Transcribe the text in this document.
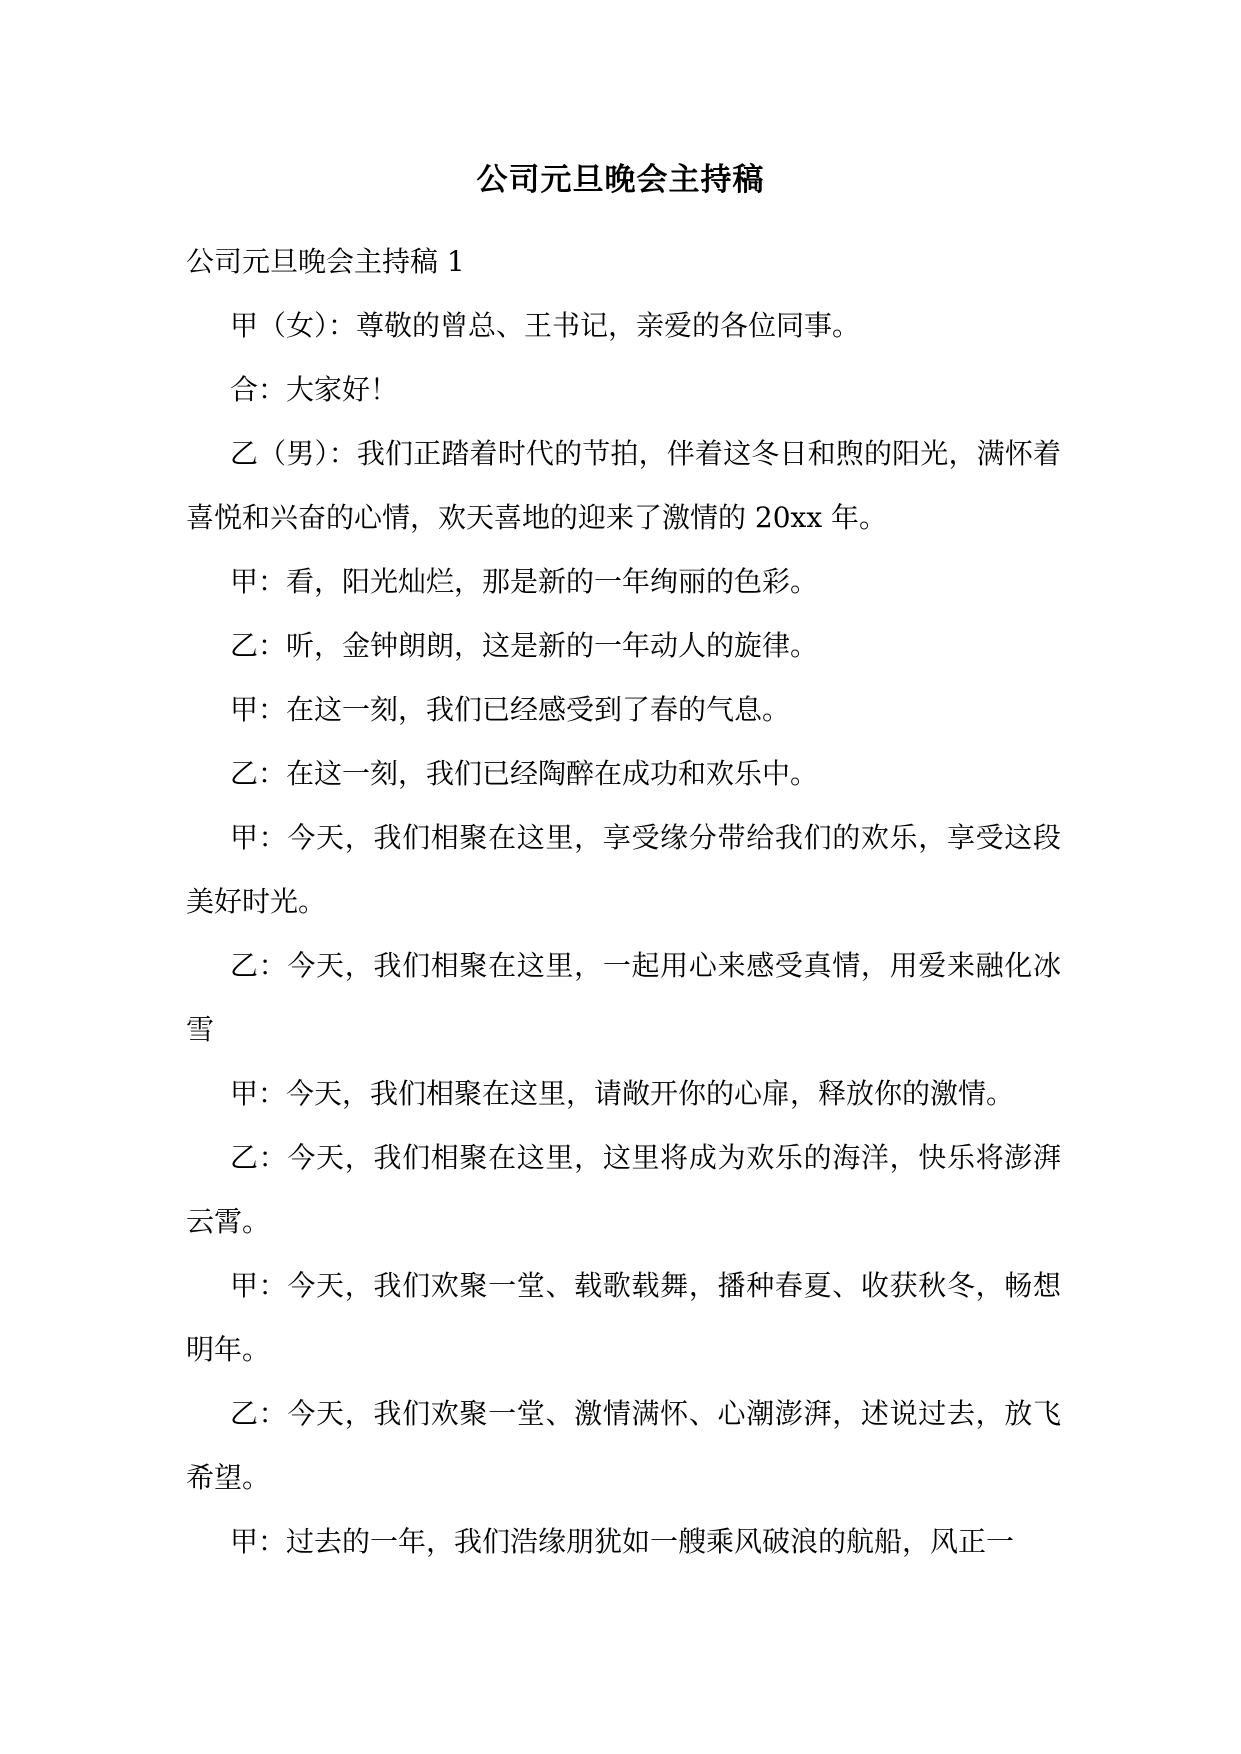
公司元旦晚会主持稿

公司元旦晚会主持稿 1

甲（女）：尊敬的曾总、王书记，亲爱的各位同事。

合：大家好！

乙（男）：我们正踏着时代的节拍，伴着这冬日和煦的阳光，满怀着喜悦和兴奋的心情，欢天喜地的迎来了激情的 20xx 年。

甲：看，阳光灿烂，那是新的一年绚丽的色彩。

乙：听，金钟朗朗，这是新的一年动人的旋律。

甲：在这一刻，我们已经感受到了春的气息。

乙：在这一刻，我们已经陶醉在成功和欢乐中。

甲：今天，我们相聚在这里，享受缘分带给我们的欢乐，享受这段美好时光。

乙：今天，我们相聚在这里，一起用心来感受真情，用爱来融化冰雪

甲：今天，我们相聚在这里，请敞开你的心扉，释放你的激情。

乙：今天，我们相聚在这里，这里将成为欢乐的海洋，快乐将澎湃云霄。

甲：今天，我们欢聚一堂、载歌载舞，播种春夏、收获秋冬，畅想明年。

乙：今天，我们欢聚一堂、激情满怀、心潮澎湃，述说过去，放飞希望。

甲：过去的一年，我们浩缘朋犹如一艘乘风破浪的航船，风正一
